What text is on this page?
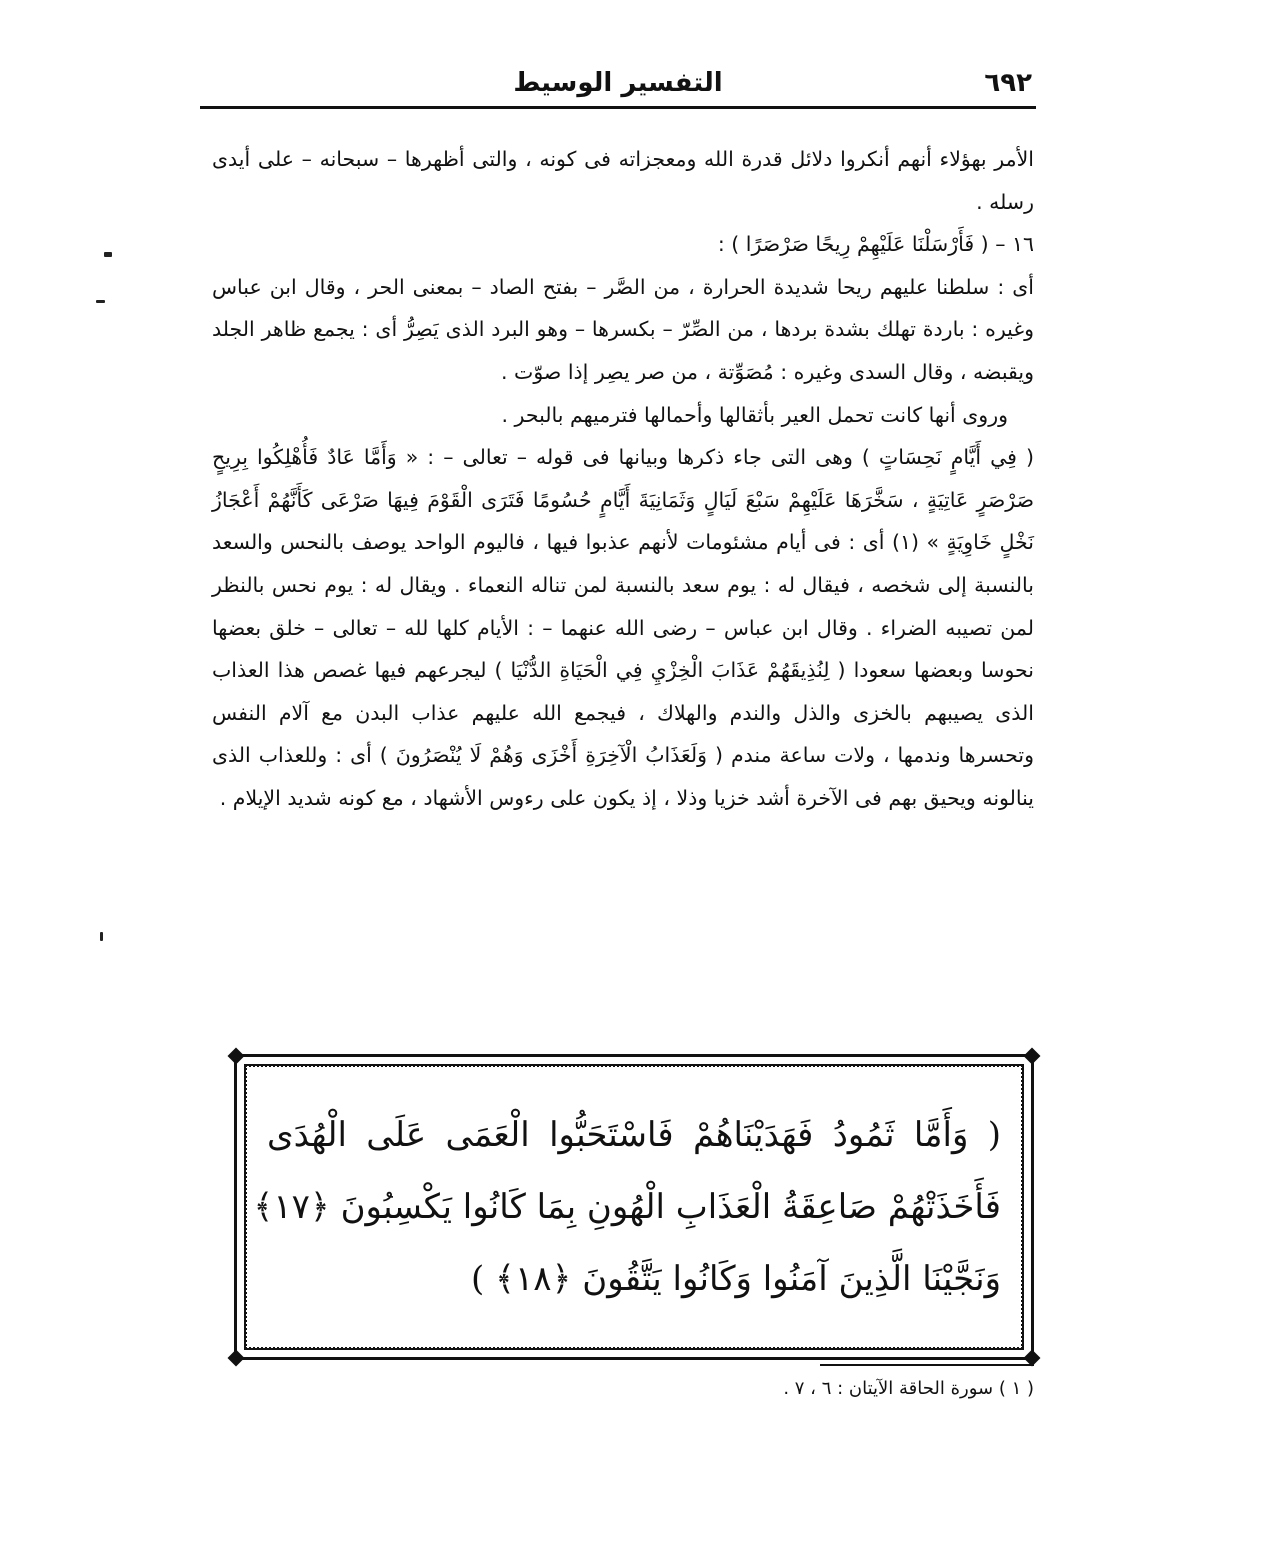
٦٩٢
التفسير الوسيط

الأمر بهؤلاء أنهم أنكروا دلائل قدرة الله ومعجزاته فى كونه ، والتى أظهرها – سبحانه – على أيدى رسله .

١٦ – ( فَأَرْسَلْنَا عَلَيْهِمْ رِيحًا صَرْصَرًا ) :

أى : سلطنا عليهم ريحا شديدة الحرارة ، من الصَّر – بفتح الصاد – بمعنى الحر ، وقال ابن عباس وغيره : باردة تهلك بشدة بردها ، من الصِّرّ – بكسرها – وهو البرد الذى يَصِرُّ أى : يجمع ظاهر الجلد ويقبضه ، وقال السدى وغيره : مُصَوِّتة ، من صر يصِر إذا صوّت .

وروى أنها كانت تحمل العير بأثقالها وأحمالها فترميهم بالبحر .

( فِي أَيَّامٍ نَحِسَاتٍ ) وهى التى جاء ذكرها وبيانها فى قوله – تعالى – : « وَأَمَّا عَادٌ فَأُهْلِكُوا بِرِيحٍ صَرْصَرٍ عَاتِيَةٍ ، سَخَّرَهَا عَلَيْهِمْ سَبْعَ لَيَالٍ وَثَمَانِيَةَ أَيَّامٍ حُسُومًا فَتَرَى الْقَوْمَ فِيهَا صَرْعَى كَأَنَّهُمْ أَعْجَازُ نَخْلٍ خَاوِيَةٍ » (١) أى : فى أيام مشئومات لأنهم عذبوا فيها ، فاليوم الواحد يوصف بالنحس والسعد بالنسبة إلى شخصه ، فيقال له : يوم سعد بالنسبة لمن تناله النعماء . ويقال له : يوم نحس بالنظر لمن تصيبه الضراء . وقال ابن عباس – رضى الله عنهما – : الأيام كلها لله – تعالى – خلق بعضها نحوسا وبعضها سعودا ( لِنُذِيقَهُمْ عَذَابَ الْخِزْيِ فِي الْحَيَاةِ الدُّنْيَا ) ليجرعهم فيها غصص هذا العذاب الذى يصيبهم بالخزى والذل والندم والهلاك ، فيجمع الله عليهم عذاب البدن مع آلام النفس وتحسرها وندمها ، ولات ساعة مندم ( وَلَعَذَابُ الْآخِرَةِ أَخْزَى وَهُمْ لَا يُنْصَرُونَ ) أى : وللعذاب الذى ينالونه ويحيق بهم فى الآخرة أشد خزيا وذلا ، إذ يكون على رءوس الأشهاد ، مع كونه شديد الإيلام .

( وَأَمَّا ثَمُودُ فَهَدَيْنَاهُمْ فَاسْتَحَبُّوا الْعَمَى عَلَى الْهُدَى
فَأَخَذَتْهُمْ صَاعِقَةُ الْعَذَابِ الْهُونِ بِمَا كَانُوا يَكْسِبُونَ ﴿١٧﴾
وَنَجَّيْنَا الَّذِينَ آمَنُوا وَكَانُوا يَتَّقُونَ ﴿١٨﴾ )
( ١ ) سورة الحاقة الآيتان : ٦ ، ٧ .
